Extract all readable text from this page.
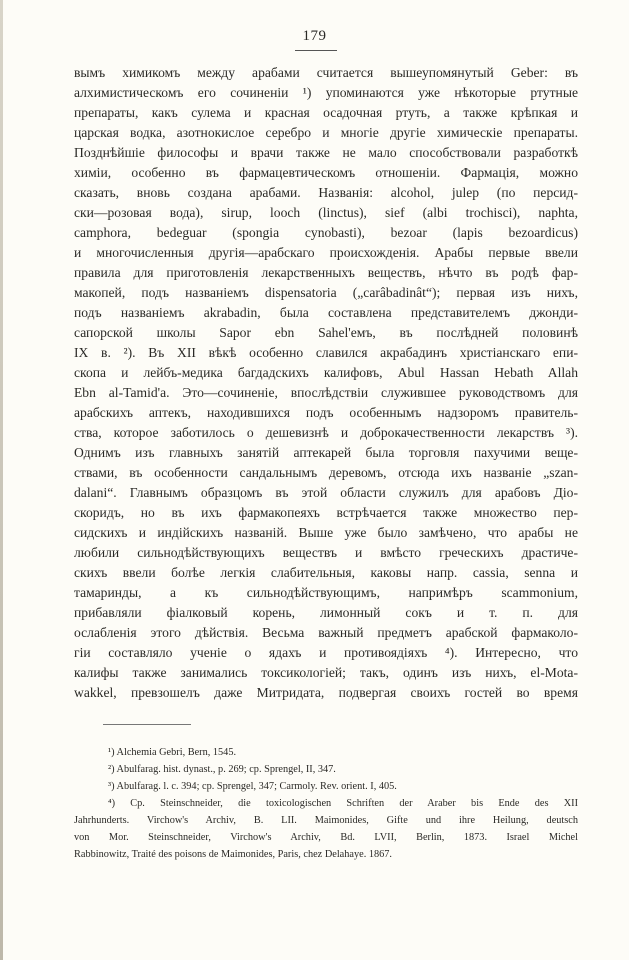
179
вымъ химикомъ между арабами считается вышеупомянутый Geber: въ
алхимистическомъ его сочиненіи ¹) упоминаются уже нѣкоторые ртутные
препараты, какъ сулема и красная осадочная ртуть, а также крѣпкая и
царская водка, азотнокислое серебро и многіе другіе химическіе препараты.
Позднѣйшіе философы и врачи также не мало способствовали разработкѣ
химіи, особенно въ фармацевтическомъ отношеніи. Фармація, можно
сказать, вновь создана арабами. Названія: alcohol, julep (по персид-
ски—розовая вода), sirup, looch (linctus), sief (albi trochisci), naphta,
camphora, bedeguar (spongia cynobasti), bezoar (lapis bezoardicus)
и многочисленныя другія—арабскаго происхожденія. Арабы первые ввели
правила для приготовленія лекарственныхъ веществъ, нѣчто въ родѣ фар-
макопей, подъ названіемъ dispensatoria („carâbadinât“); первая изъ нихъ,
подъ названіемъ akrabadin, была составлена представителемъ джонди-
сапорской школы Sapor ebn Sahel'емъ, въ послѣдней половинѣ
IX в. ²). Въ XII вѣкѣ особенно славился акрабадинъ христіанскаго епи-
скопа и лейбъ-медика багдадскихъ калифовъ, Abul Hassan Hebath Allah
Ebn al-Tamid'а. Это—сочиненіе, впослѣдствіи служившее руководствомъ для
арабскихъ аптекъ, находившихся подъ особеннымъ надзоромъ правитель-
ства, которое заботилось о дешевизнѣ и доброкачественности лекарствъ ³).
Однимъ изъ главныхъ занятій аптекарей была торговля пахучими веще-
ствами, въ особенности сандальнымъ деревомъ, отсюда ихъ названіе „szan-
dalani“. Главнымъ образцомъ въ этой области служилъ для арабовъ Діо-
скоридъ, но въ ихъ фармакопеяхъ встрѣчается также множество пер-
сидскихъ и индійскихъ названій. Выше уже было замѣчено, что арабы не
любили сильнодѣйствующихъ веществъ и вмѣсто греческихъ драстиче-
скихъ ввели болѣе легкія слабительныя, каковы напр. cassia, senna и
тамаринды, а къ сильнодѣйствующимъ, напримѣръ scammonium,
прибавляли фіалковый корень, лимонный сокъ и т. п. для
ослабленія этого дѣйствія. Весьма важный предметъ арабской фармаколо-
гіи составляло ученіе о ядахъ и противоядіяхъ ⁴). Интересно, что
калифы также занимались токсикологіей; такъ, одинъ изъ нихъ, el-Mota-
wakkel, превзошелъ даже Митридата, подвергая своихъ гостей во время
¹) Alchemia Gebri, Bern, 1545.
²) Abulfarag. hist. dynast., p. 269; cp. Sprengel, II, 347.
³) Abulfarag. l. c. 394; cp. Sprengel, 347; Carmoly. Rev. orient. I, 405.
⁴) Cp. Steinschneider, die toxicologischen Schriften der Araber bis Ende des XII
Jahrhunderts. Virchow's Archiv, B. LII. Maimonides, Gifte und ihre Heilung, deutsch
von Mor. Steinschneider, Virchow's Archiv, Bd. LVII, Berlin, 1873. Israel Michel
Rabbinowitz, Traité des poisons de Maimonides, Paris, chez Delahaye. 1867.
